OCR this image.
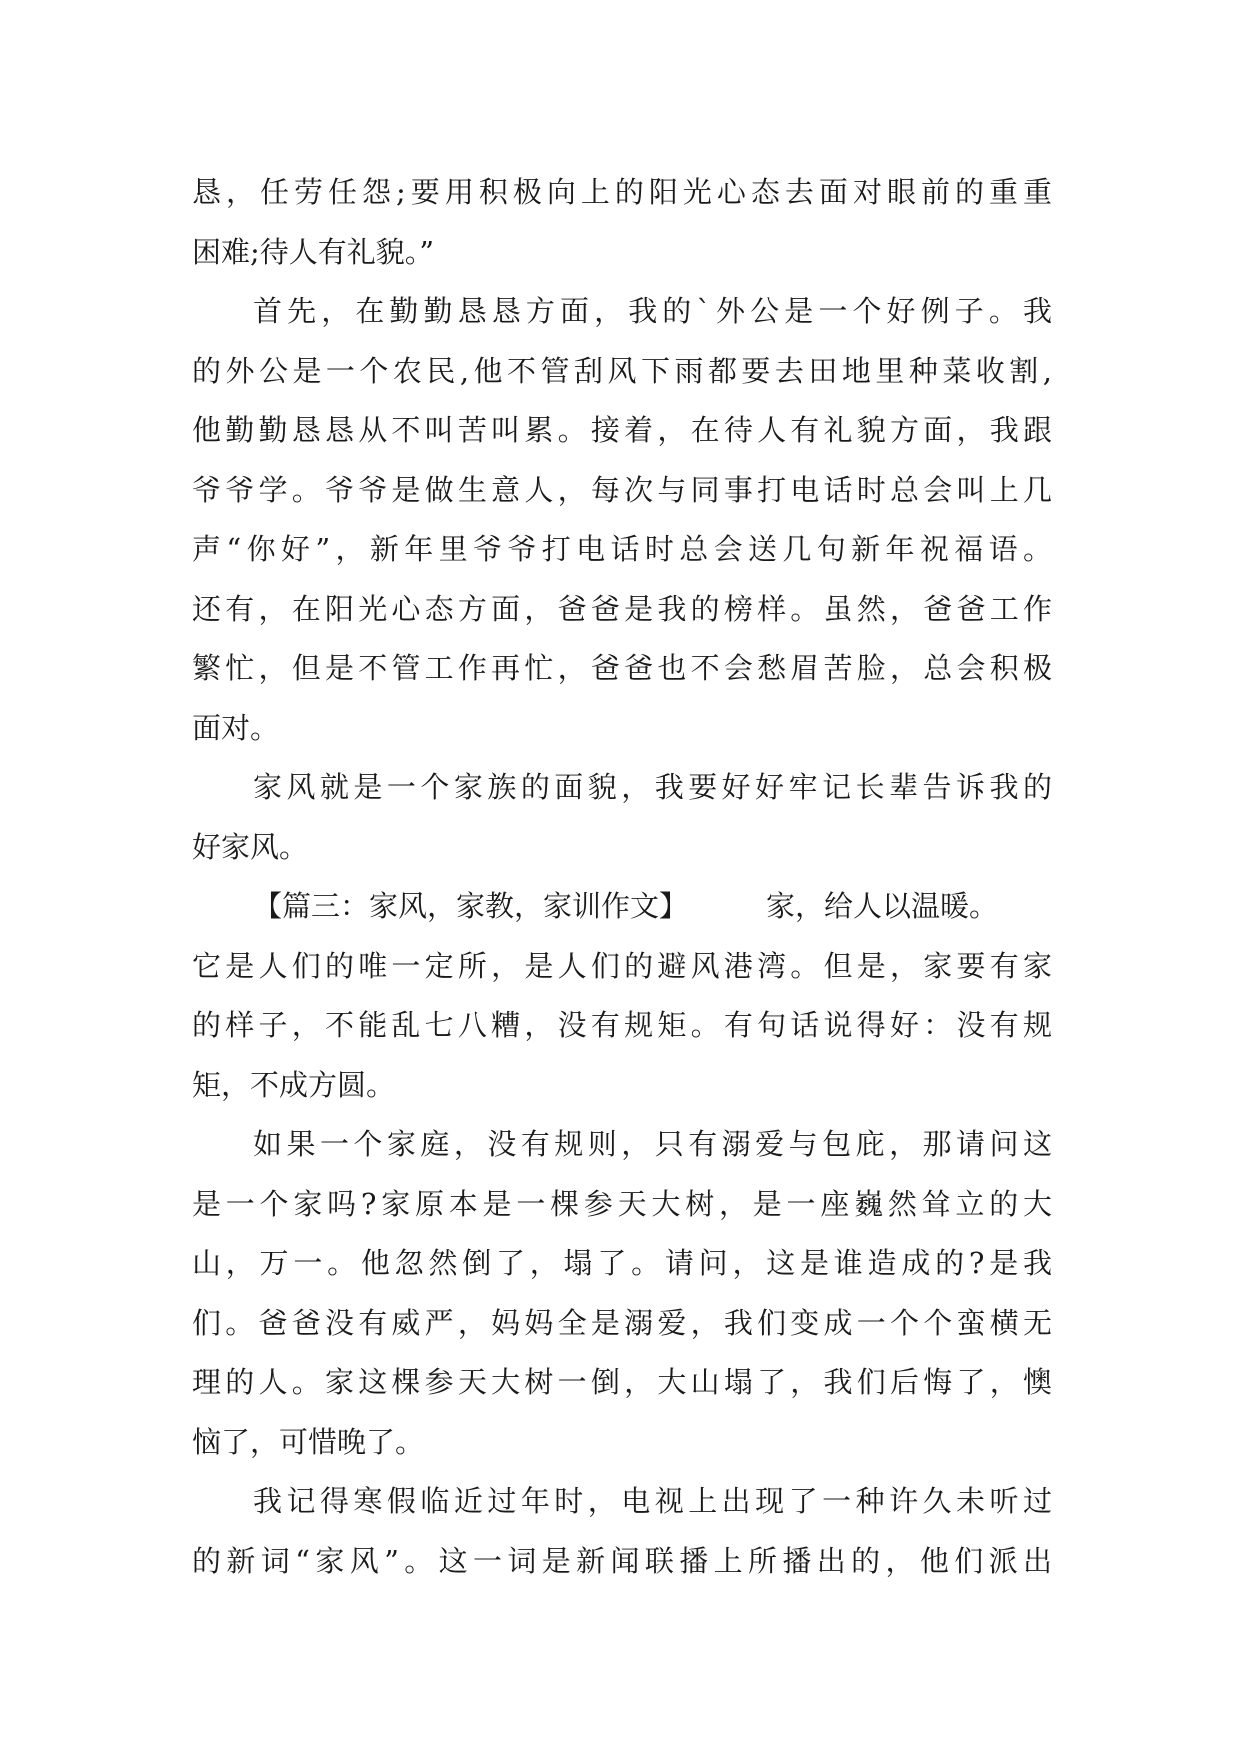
恳，任劳任怨;要用积极向上的阳光心态去面对眼前的重重
困难;待人有礼貌。”
首先，在勤勤恳恳方面，我的`外公是一个好例子。我
的外公是一个农民,他不管刮风下雨都要去田地里种菜收割,
他勤勤恳恳从不叫苦叫累。接着，在待人有礼貌方面，我跟
爷爷学。爷爷是做生意人，每次与同事打电话时总会叫上几
声“你好”，新年里爷爷打电话时总会送几句新年祝福语。
还有，在阳光心态方面，爸爸是我的榜样。虽然，爸爸工作
繁忙，但是不管工作再忙，爸爸也不会愁眉苦脸，总会积极
面对。
家风就是一个家族的面貌，我要好好牢记长辈告诉我的
好家风。
【篇三：家风，家教，家训作文】	家，给人以温暖。
它是人们的唯一定所，是人们的避风港湾。但是，家要有家
的样子，不能乱七八糟，没有规矩。有句话说得好：没有规
矩，不成方圆。
如果一个家庭，没有规则，只有溺爱与包庇，那请问这
是一个家吗?家原本是一棵参天大树，是一座巍然耸立的大
山，万一。他忽然倒了，塌了。请问，这是谁造成的?是我
们。爸爸没有威严，妈妈全是溺爱，我们变成一个个蛮横无
理的人。家这棵参天大树一倒，大山塌了，我们后悔了，懊
恼了，可惜晚了。
我记得寒假临近过年时，电视上出现了一种许久未听过
的新词“家风”。这一词是新闻联播上所播出的，他们派出
